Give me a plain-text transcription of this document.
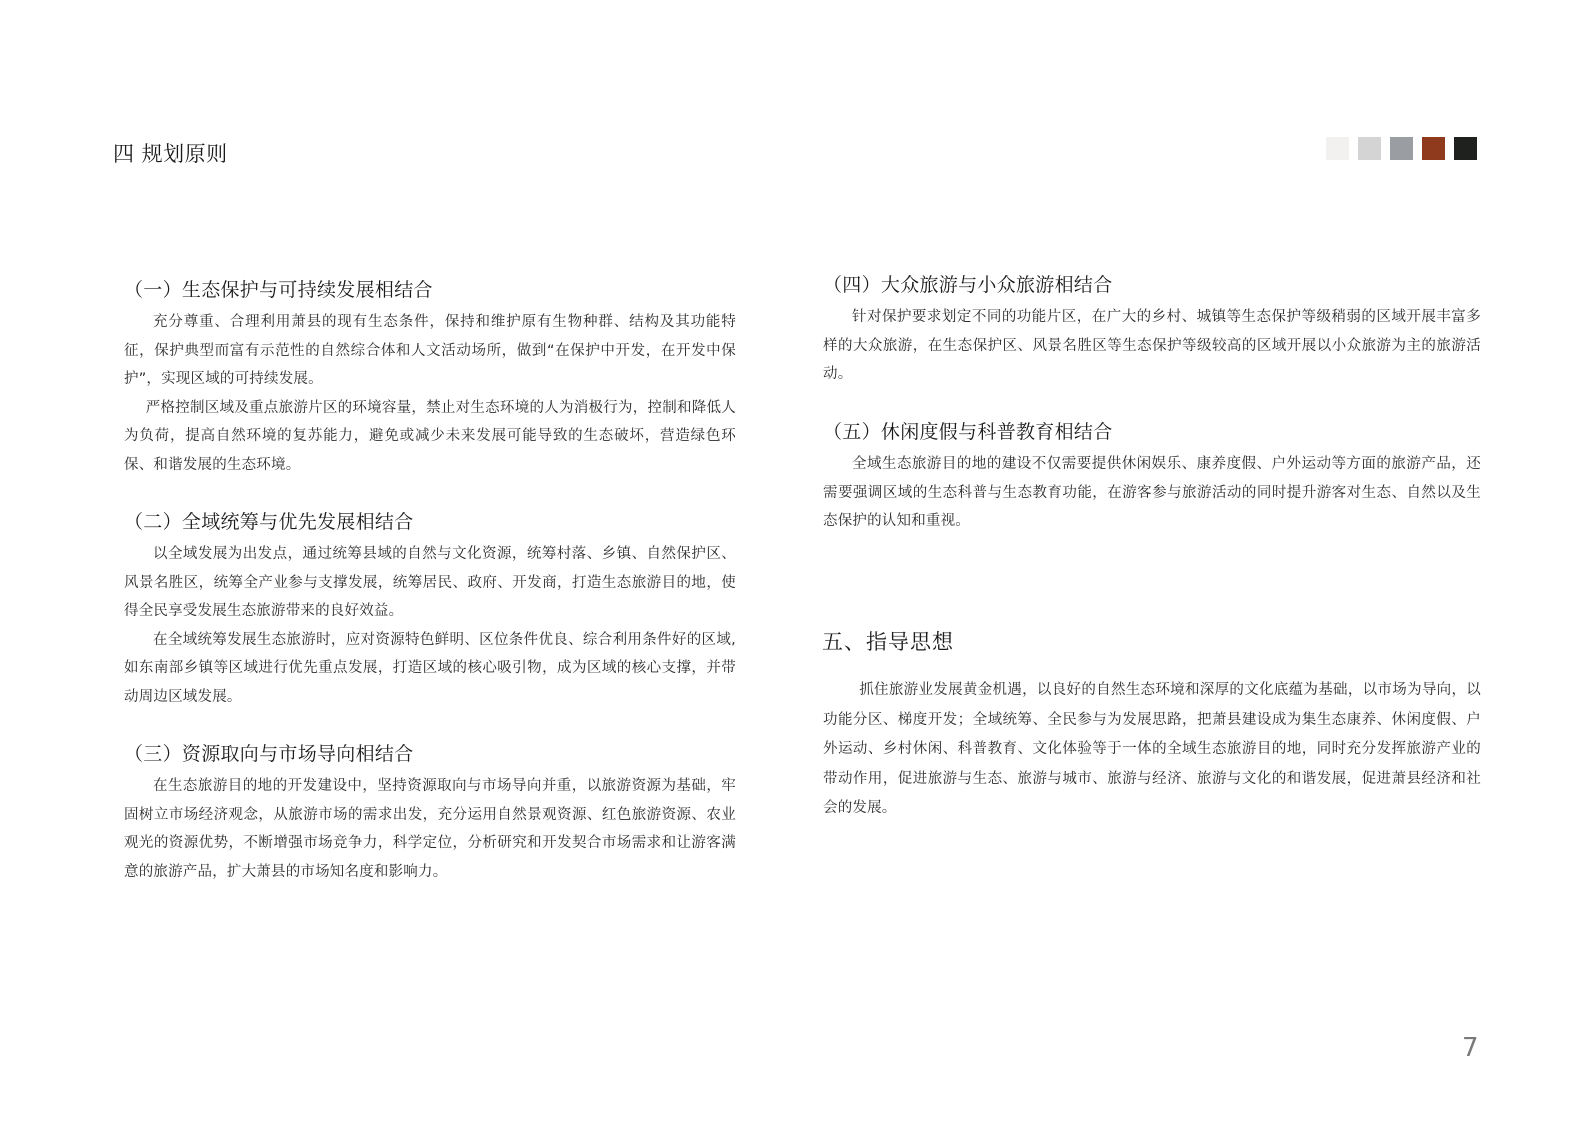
四 规划原则
（一）生态保护与可持续发展相结合

充分尊重、合理利用萧县的现有生态条件，保持和维护原有生物种群、结构及其功能特征，保护典型而富有示范性的自然综合体和人文活动场所，做到“在保护中开发，在开发中保护”，实现区域的可持续发展。

严格控制区域及重点旅游片区的环境容量，禁止对生态环境的人为消极行为，控制和降低人为负荷，提高自然环境的复苏能力，避免或减少未来发展可能导致的生态破坏，营造绿色环保、和谐发展的生态环境。

（二）全域统筹与优先发展相结合

以全域发展为出发点，通过统筹县域的自然与文化资源，统筹村落、乡镇、自然保护区、风景名胜区，统筹全产业参与支撑发展，统筹居民、政府、开发商，打造生态旅游目的地，使得全民享受发展生态旅游带来的良好效益。

在全域统筹发展生态旅游时，应对资源特色鲜明、区位条件优良、综合利用条件好的区域,如东南部乡镇等区域进行优先重点发展，打造区域的核心吸引物，成为区域的核心支撑，并带动周边区域发展。

（三）资源取向与市场导向相结合

在生态旅游目的地的开发建设中，坚持资源取向与市场导向并重，以旅游资源为基础，牢固树立市场经济观念，从旅游市场的需求出发，充分运用自然景观资源、红色旅游资源、农业观光的资源优势，不断增强市场竞争力，科学定位，分析研究和开发契合市场需求和让游客满意的旅游产品，扩大萧县的市场知名度和影响力。

（四）大众旅游与小众旅游相结合

针对保护要求划定不同的功能片区，在广大的乡村、城镇等生态保护等级稍弱的区域开展丰富多样的大众旅游，在生态保护区、风景名胜区等生态保护等级较高的区域开展以小众旅游为主的旅游活动。

（五）休闲度假与科普教育相结合

全域生态旅游目的地的建设不仅需要提供休闲娱乐、康养度假、户外运动等方面的旅游产品，还需要强调区域的生态科普与生态教育功能，在游客参与旅游活动的同时提升游客对生态、自然以及生态保护的认知和重视。

五、指导思想

抓住旅游业发展黄金机遇，以良好的自然生态环境和深厚的文化底蕴为基础，以市场为导向，以功能分区、梯度开发；全域统筹、全民参与为发展思路，把萧县建设成为集生态康养、休闲度假、户外运动、乡村休闲、科普教育、文化体验等于一体的全域生态旅游目的地，同时充分发挥旅游产业的带动作用，促进旅游与生态、旅游与城市、旅游与经济、旅游与文化的和谐发展，促进萧县经济和社会的发展。

7
